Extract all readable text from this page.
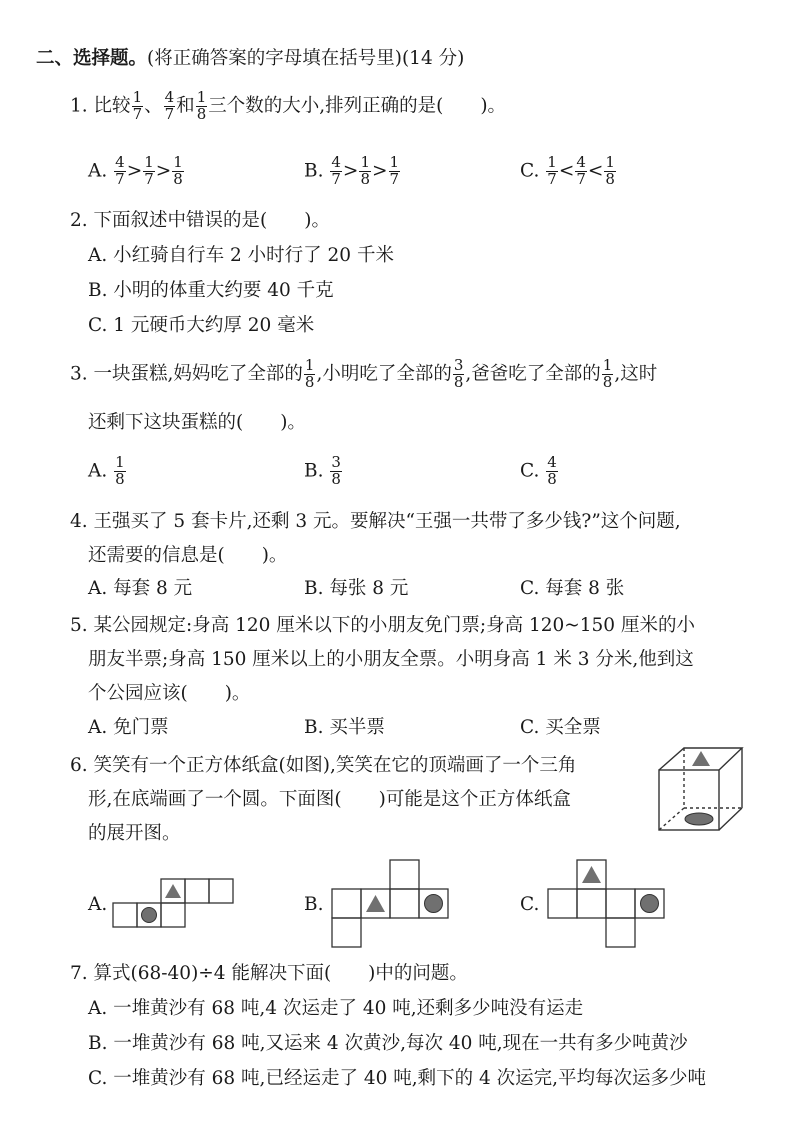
二、选择题。(将正确答案的字母填在括号里)(14 分)
1. 比较 $\frac{1}{7}$ 、 $\frac{4}{7}$ 和 $\frac{1}{8}$ 三个数的大小,排列正确的是(　　)。
A. $\frac{4}{7} > \frac{1}{7} > \frac{1}{8}$	B. $\frac{4}{7} > \frac{1}{8} > \frac{1}{7}$	C. $\frac{1}{7} < \frac{4}{7} < \frac{1}{8}$
2. 下面叙述中错误的是(　　)。
A. 小红骑自行车 2 小时行了 20 千米
B. 小明的体重大约要 40 千克
C. 1 元硬币大约厚 20 毫米
3. 一块蛋糕,妈妈吃了全部的 $\frac{1}{8}$ ,小明吃了全部的 $\frac{3}{8}$ ,爸爸吃了全部的 $\frac{1}{8}$ ,这时
还剩下这块蛋糕的(　　)。
A. $\frac{1}{8}$	B. $\frac{3}{8}$	C. $\frac{4}{8}$
4. 王强买了 5 套卡片,还剩 3 元。要解决“王强一共带了多少钱?”这个问题,
还需要的信息是(　　)。
A. 每套 8 元	B. 每张 8 元	C. 每套 8 张
5. 某公园规定:身高 120 厘米以下的小朋友免门票;身高 120~150 厘米的小
朋友半票;身高 150 厘米以上的小朋友全票。小明身高 1 米 3 分米,他到这
个公园应该(　　)。
A. 免门票	B. 买半票	C. 买全票
6. 笑笑有一个正方体纸盒(如图),笑笑在它的顶端画了一个三角
形,在底端画了一个圆。下面图(　　)可能是这个正方体纸盒
的展开图。
A.	B.	C.
7. 算式(68-40)÷4 能解决下面(　　)中的问题。
A. 一堆黄沙有 68 吨,4 次运走了 40 吨,还剩多少吨没有运走
B. 一堆黄沙有 68 吨,又运来 4 次黄沙,每次 40 吨,现在一共有多少吨黄沙
C. 一堆黄沙有 68 吨,已经运走了 40 吨,剩下的 4 次运完,平均每次运多少吨
